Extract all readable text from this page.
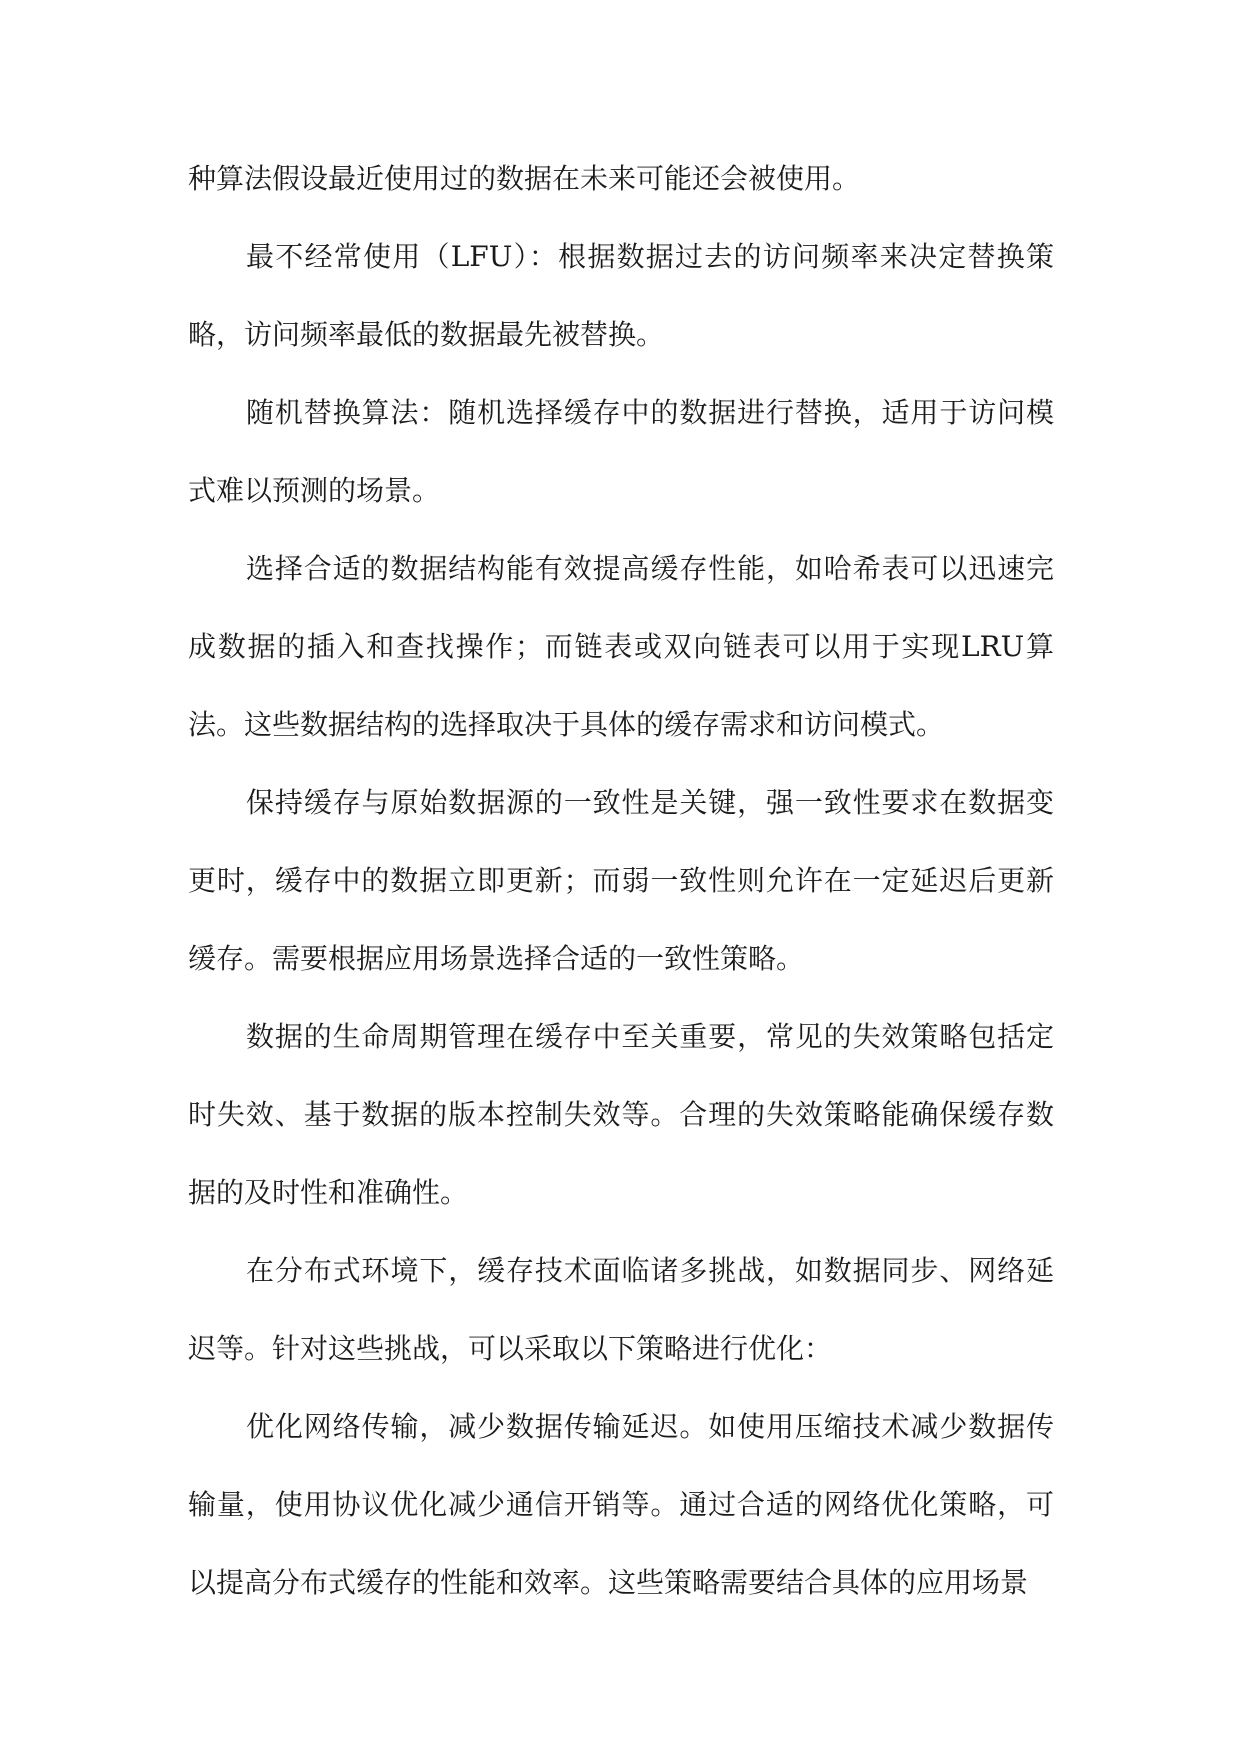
种算法假设最近使用过的数据在未来可能还会被使用。

最不经常使用（LFU）：根据数据过去的访问频率来决定替换策略，访问频率最低的数据最先被替换。

随机替换算法：随机选择缓存中的数据进行替换，适用于访问模式难以预测的场景。

选择合适的数据结构能有效提高缓存性能，如哈希表可以迅速完成数据的插入和查找操作；而链表或双向链表可以用于实现LRU算法。这些数据结构的选择取决于具体的缓存需求和访问模式。

保持缓存与原始数据源的一致性是关键，强一致性要求在数据变更时，缓存中的数据立即更新；而弱一致性则允许在一定延迟后更新缓存。需要根据应用场景选择合适的一致性策略。

数据的生命周期管理在缓存中至关重要，常见的失效策略包括定时失效、基于数据的版本控制失效等。合理的失效策略能确保缓存数据的及时性和准确性。

在分布式环境下，缓存技术面临诸多挑战，如数据同步、网络延迟等。针对这些挑战，可以采取以下策略进行优化：

优化网络传输，减少数据传输延迟。如使用压缩技术减少数据传输量，使用协议优化减少通信开销等。通过合适的网络优化策略，可以提高分布式缓存的性能和效率。这些策略需要结合具体的应用场景
